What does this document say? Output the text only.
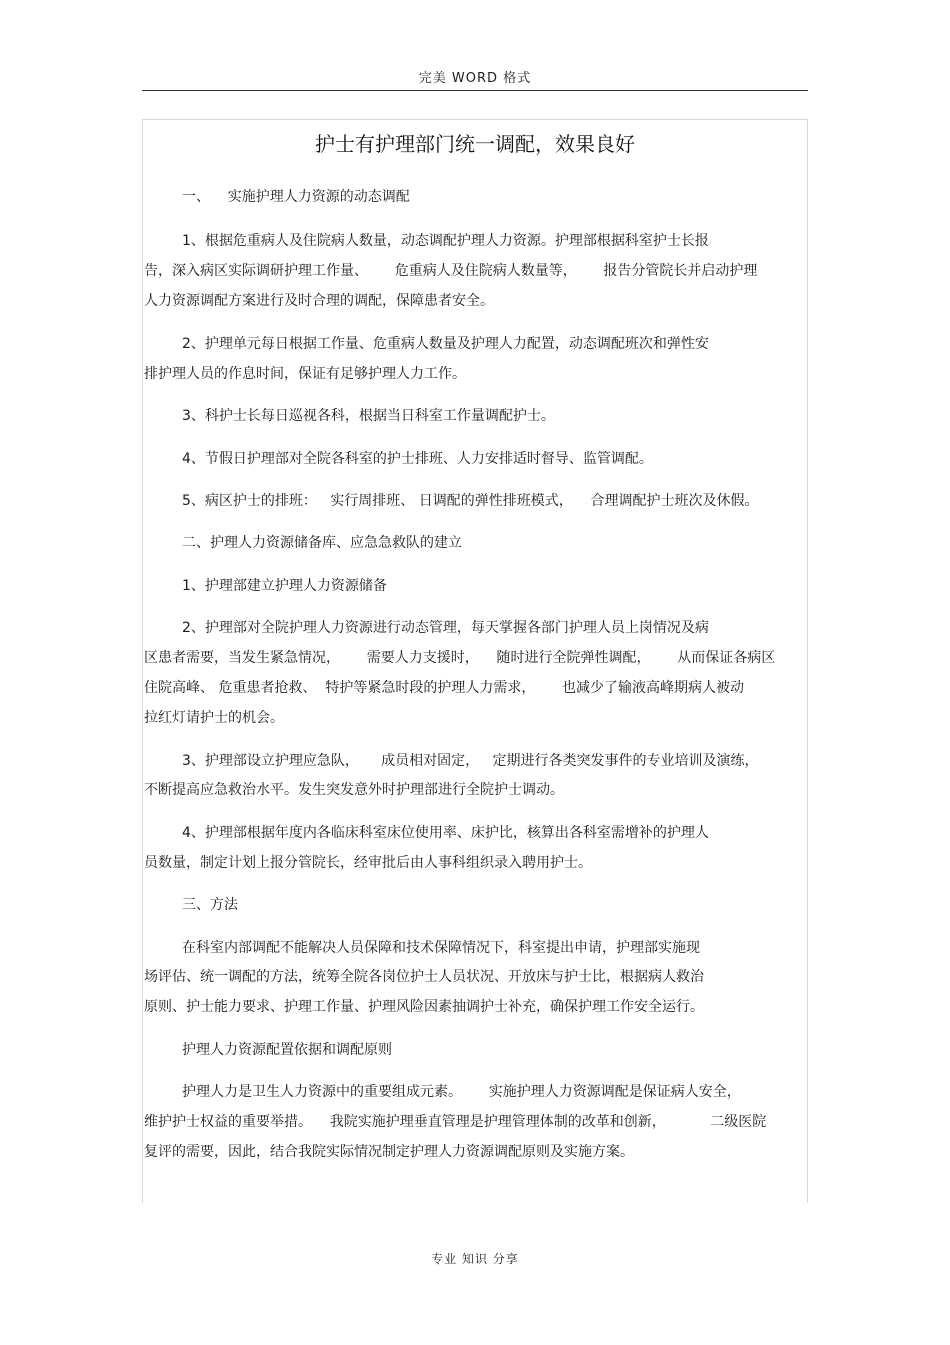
完美 WORD 格式
护士有护理部门统一调配，效果良好
一、    实施护理人力资源的动态调配
1、根据危重病人及住院病人数量，动态调配护理人力资源。护理部根据科室护士长报
告，深入病区实际调研护理工作量、      危重病人及住院病人数量等，      报告分管院长并启动护理
人力资源调配方案进行及时合理的调配，保障患者安全。
2、护理单元每日根据工作量、危重病人数量及护理人力配置，动态调配班次和弹性安
排护理人员的作息时间，保证有足够护理人力工作。
3、科护士长每日巡视各科，根据当日科室工作量调配护士。
4、节假日护理部对全院各科室的护士排班、人力安排适时督导、监管调配。
5、病区护士的排班：   实行周排班、 日调配的弹性排班模式，    合理调配护士班次及休假。
二、护理人力资源储备库、应急急救队的建立
1、护理部建立护理人力资源储备
2、护理部对全院护理人力资源进行动态管理，每天掌握各部门护理人员上岗情况及病
区患者需要，当发生紧急情况，      需要人力支援时，    随时进行全院弹性调配，      从而保证各病区
住院高峰、 危重患者抢救、  特护等紧急时段的护理人力需求，      也减少了输液高峰期病人被动
拉红灯请护士的机会。
3、护理部设立护理应急队，     成员相对固定，   定期进行各类突发事件的专业培训及演练，
不断提高应急救治水平。发生突发意外时护理部进行全院护士调动。
4、护理部根据年度内各临床科室床位使用率、床护比，核算出各科室需增补的护理人
员数量，制定计划上报分管院长，经审批后由人事科组织录入聘用护士。
三、方法
在科室内部调配不能解决人员保障和技术保障情况下，科室提出申请，护理部实施现
场评估、统一调配的方法，统筹全院各岗位护士人员状况、开放床与护士比，根据病人救治
原则、护士能力要求、护理工作量、护理风险因素抽调护士补充，确保护理工作安全运行。
护理人力资源配置依据和调配原则
护理人力是卫生人力资源中的重要组成元素。      实施护理人力资源调配是保证病人安全，
维护护士权益的重要举措。    我院实施护理垂直管理是护理管理体制的改革和创新，          二级医院
复评的需要，因此，结合我院实际情况制定护理人力资源调配原则及实施方案。
专业 知识 分享
